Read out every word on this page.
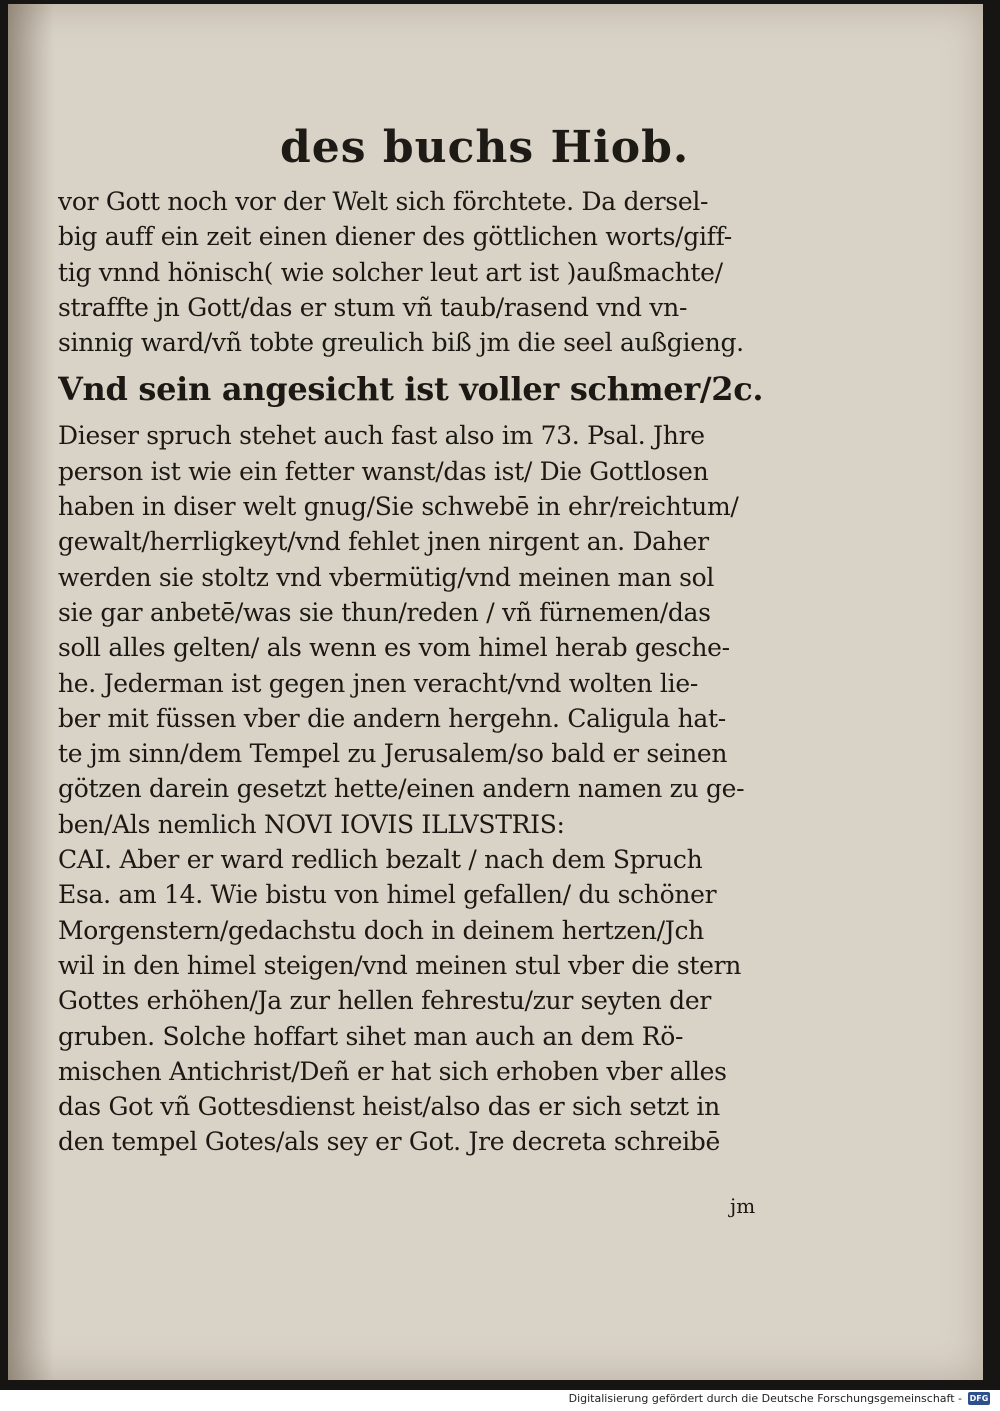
des buchs Hiob.
vor Gott noch vor der Welt sich förchtete. Da dersel-
big auff ein zeit einen diener des göttlichen worts/giff-
tig vnnd hönisch( wie solcher leut art ist )außmachte/
straffte jn Gott/das er stum vñ taub/rasend vnd vn-
sinnig ward/vñ tobte greulich biß jm die seel außgieng.
Vnd sein angesicht ist voller schmer/2c.
Dieser spruch stehet auch fast also im 73. Psal. Jhre
person ist wie ein fetter wanst/das ist/ Die Gottlosen
haben in diser welt gnug/Sie schwebē in ehr/reichtum/
gewalt/herrligkeyt/vnd fehlet jnen nirgent an. Daher
werden sie stoltz vnd vbermütig/vnd meinen man sol
sie gar anbetē/was sie thun/reden / vñ fürnemen/das
soll alles gelten/ als wenn es vom himel herab gesche-
he. Jederman ist gegen jnen veracht/vnd wolten lie-
ber mit füssen vber die andern hergehn. Caligula hat-
te jm sinn/dem Tempel zu Jerusalem/so bald er seinen
götzen darein gesetzt hette/einen andern namen zu ge-
ben/Als nemlich NOVI IOVIS ILLVSTRIS:
CAI. Aber er ward redlich bezalt / nach dem Spruch
Esa. am 14. Wie bistu von himel gefallen/ du schöner
Morgenstern/gedachstu doch in deinem hertzen/Jch
wil in den himel steigen/vnd meinen stul vber die stern
Gottes erhöhen/Ja zur hellen fehrestu/zur seyten der
gruben. Solche hoffart sihet man auch an dem Rö-
mischen Antichrist/Deñ er hat sich erhoben vber alles
das Got vñ Gottesdienst heist/also das er sich setzt in
den tempel Gotes/als sey er Got. Jre decreta schreibē
jm
Digitalisierung gefördert durch die Deutsche Forschungsgemeinschaft - DFG
